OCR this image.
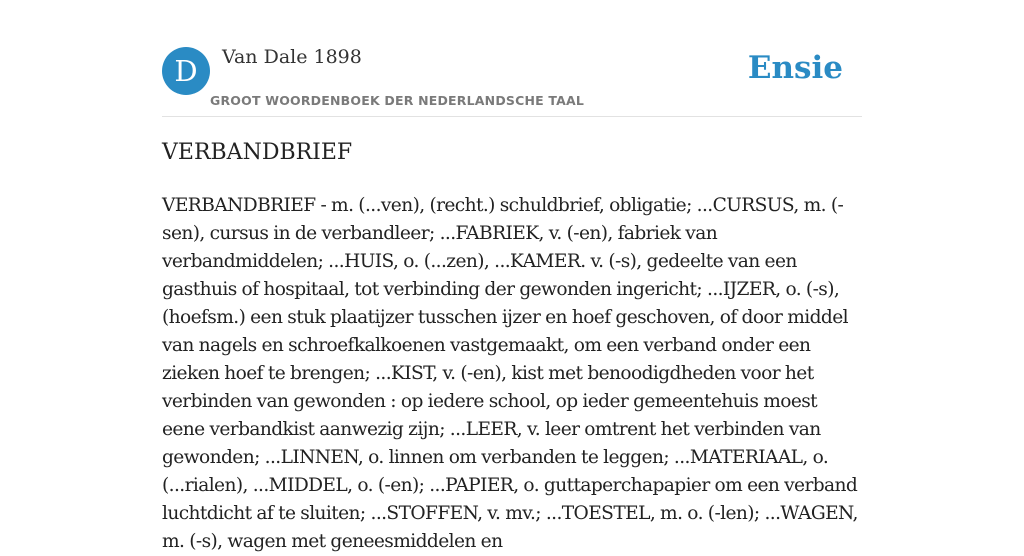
D	Van Dale 1898
GROOT WOORDENBOEK DER NEDERLANDSCHE TAAL
Ensie
VERBANDBRIEF

VERBANDBRIEF - m. (...ven), (recht.) schuldbrief, obligatie; ...CURSUS, m. (-sen), cursus in de verbandleer; ...FABRIEK, v. (-en), fabriek van verbandmiddelen; ...HUIS, o. (...zen), ...KAMER. v. (-s), gedeelte van een gasthuis of hospitaal, tot verbinding der gewonden ingericht; ...IJZER, o. (-s), (hoefsm.) een stuk plaatijzer tusschen ijzer en hoef geschoven, of door middel van nagels en schroefkalkoenen vastgemaakt, om een verband onder een zieken hoef te brengen; ...KIST, v. (-en), kist met benoodigdheden voor het verbinden van gewonden : op iedere school, op ieder gemeentehuis moest eene verbandkist aanwezig zijn; ...LEER, v. leer omtrent het verbinden van gewonden; ...LINNEN, o. linnen om verbanden te leggen; ...MATERIAAL, o. (...rialen), ...MIDDEL, o. (-en); ...PAPIER, o. guttaperchapapier om een verband luchtdicht af te sluiten; ...STOFFEN, v. mv.; ...TOESTEL, m. o. (-len); ...WAGEN, m. (-s), wagen met geneesmiddelen en
